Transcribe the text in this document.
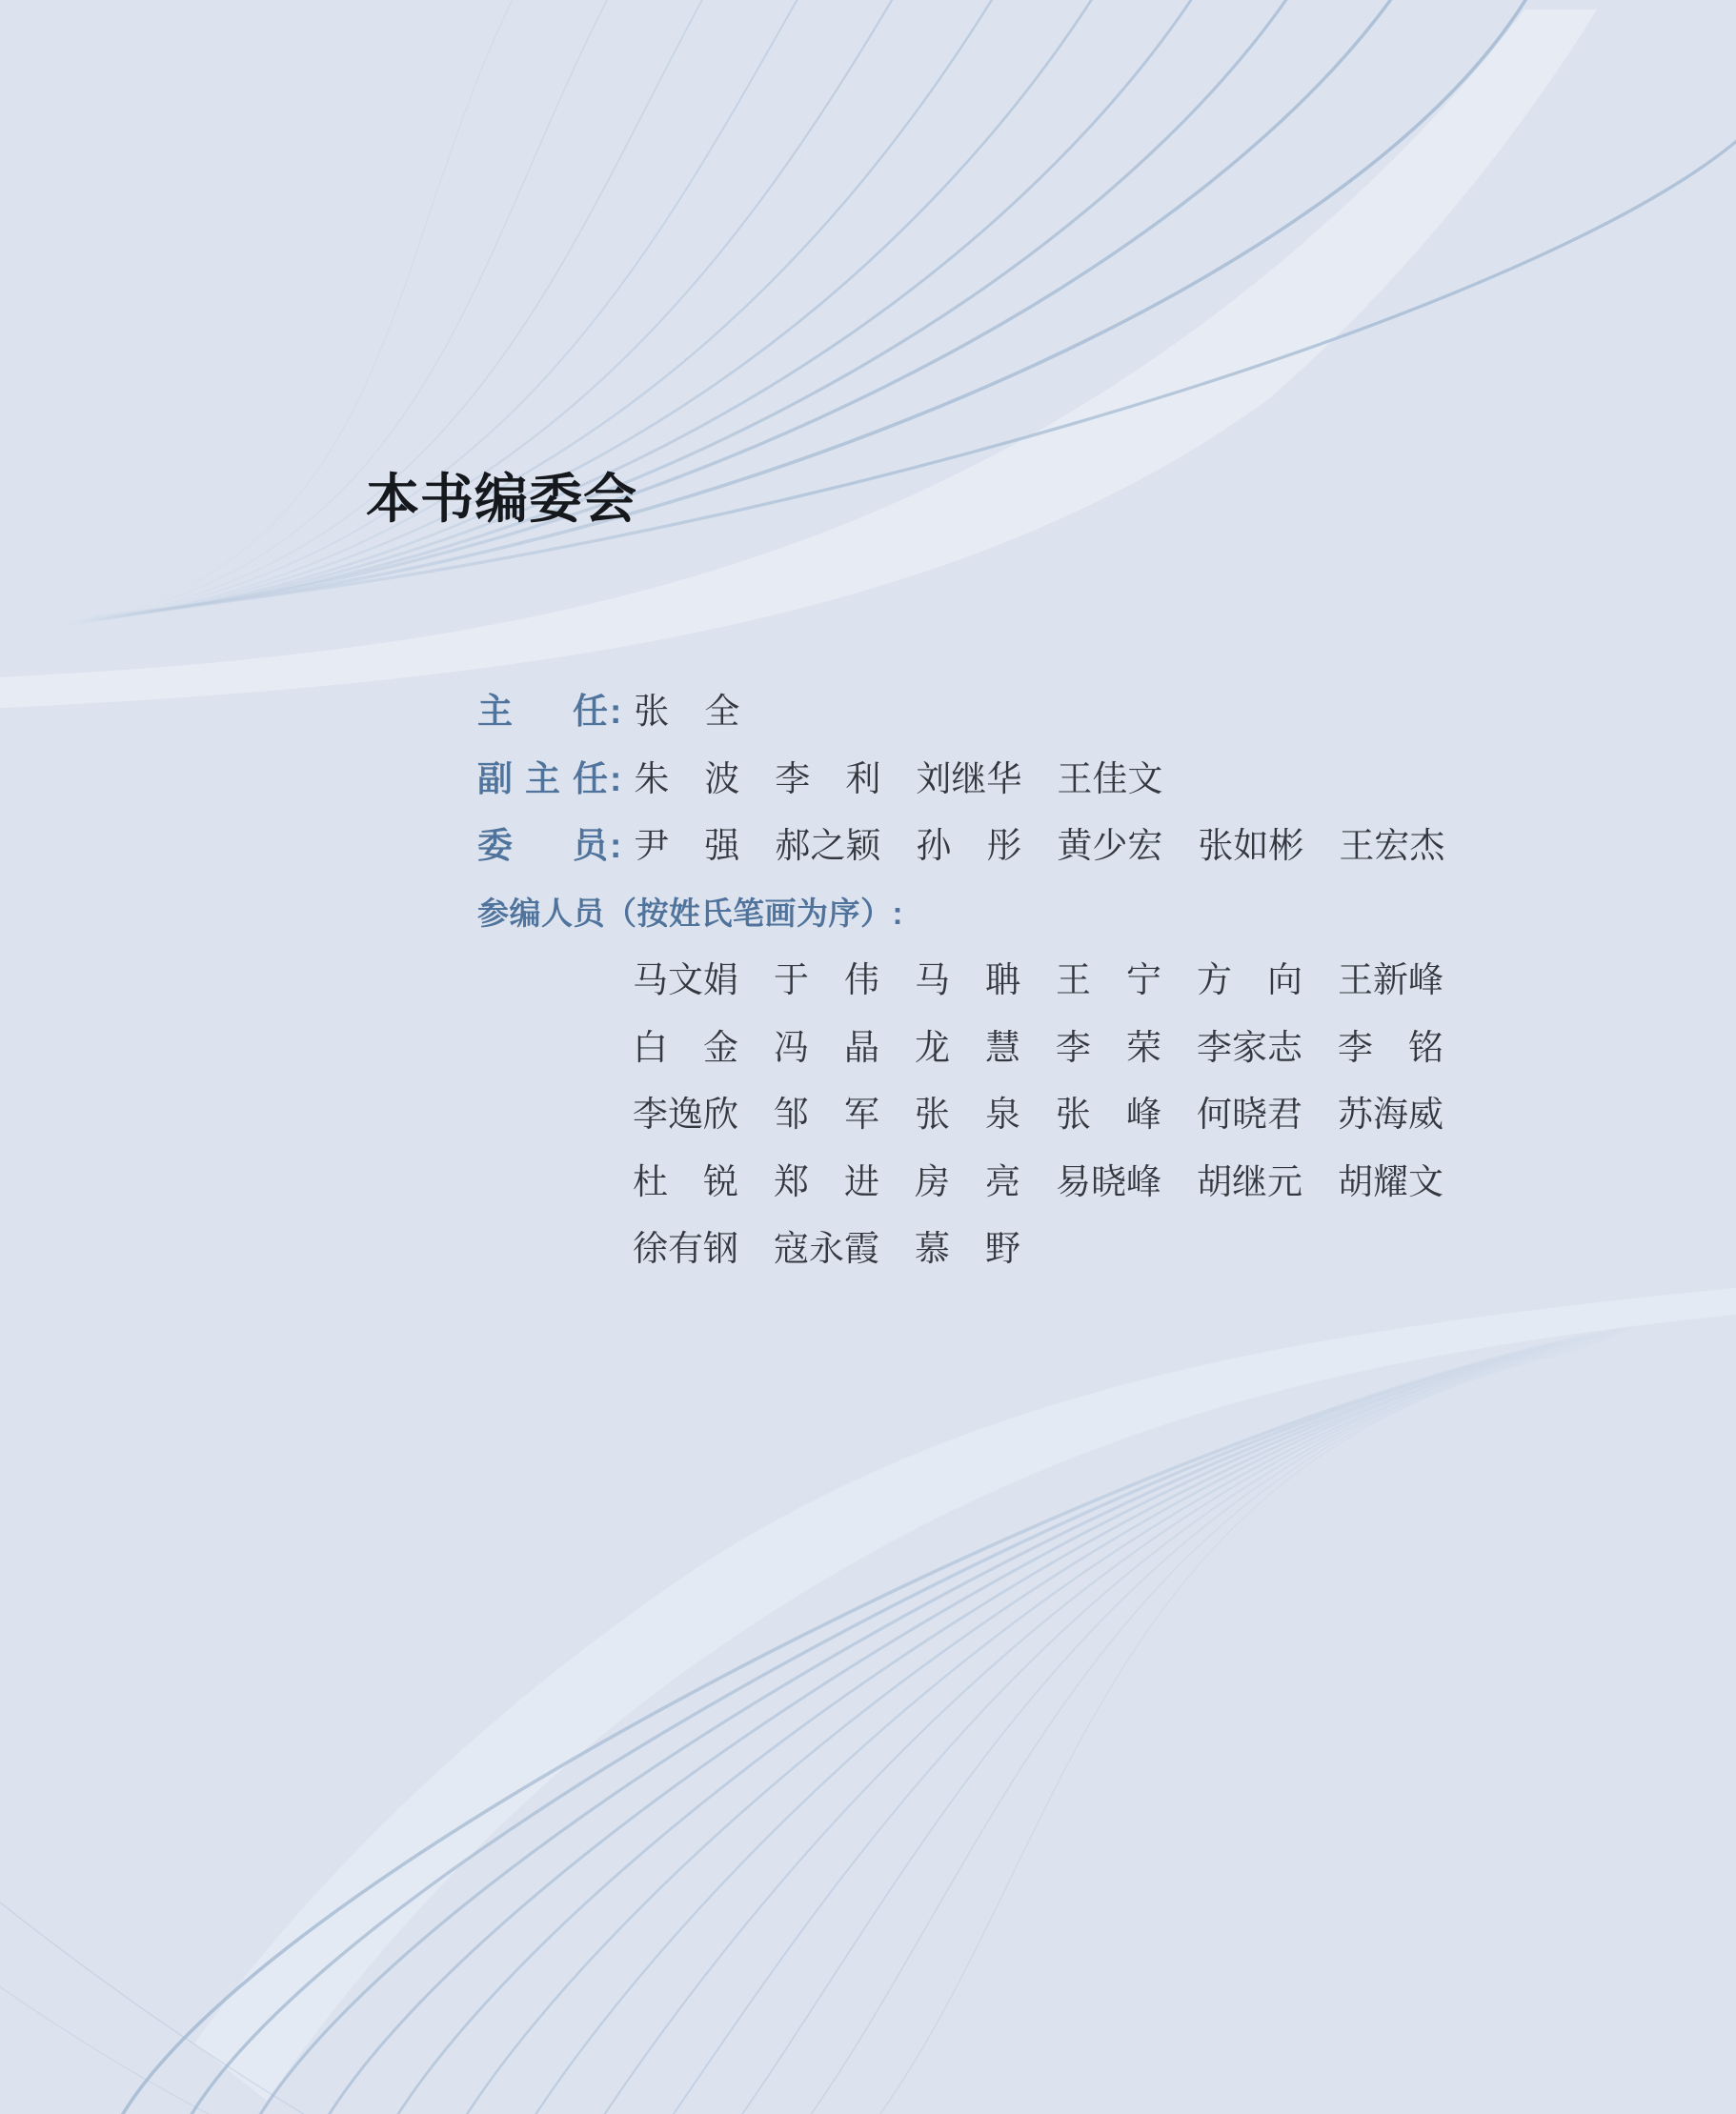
本书编委会
主任 : 张　全
副主任 : 朱　波　李　利　刘继华　王佳文
委员 : 尹　强　郝之颖　孙　彤　黄少宏　张如彬　王宏杰
参编人员（按姓氏笔画为序）:
马文娟　于　伟　马　聃　王　宁　方　向　王新峰
白　金　冯　晶　龙　慧　李　荣　李家志　李　铭
李逸欣　邹　军　张　泉　张　峰　何晓君　苏海威
杜　锐　郑　进　房　亮　易晓峰　胡继元　胡耀文
徐有钢　寇永霞　慕　野
